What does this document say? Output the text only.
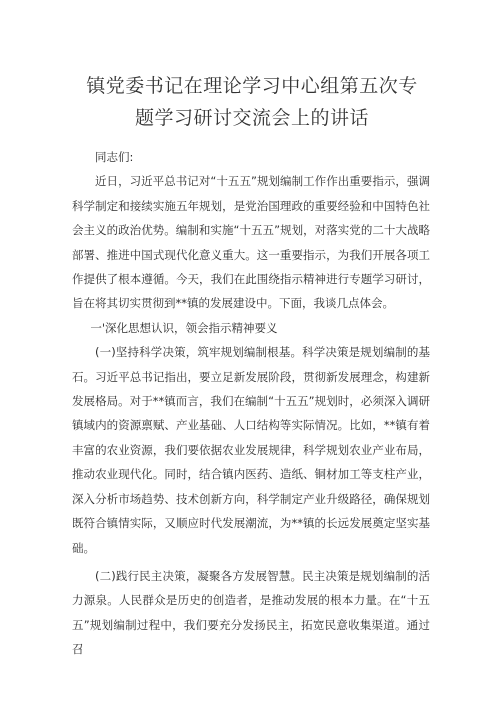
镇党委书记在理论学习中心组第五次专
题学习研讨交流会上的讲话

同志们:

近日，习近平总书记对“十五五”规划编制工作作出重要指示，强调科学制定和接续实施五年规划，是党治国理政的重要经验和中国特色社会主义的政治优势。编制和实施“十五五”规划，对落实党的二十大战略部署、推进中国式现代化意义重大。这一重要指示，为我们开展各项工作提供了根本遵循。今天，我们在此围绕指示精神进行专题学习研讨，旨在将其切实贯彻到**镇的发展建设中。下面，我谈几点体会。

一'深化思想认识，领会指示精神要义

(一)坚持科学决策，筑牢规划编制根基。科学决策是规划编制的基石。习近平总书记指出，要立足新发展阶段，贯彻新发展理念，构建新发展格局。对于**镇而言，我们在编制“十五五”规划时，必须深入调研镇域内的资源禀赋、产业基础、人口结构等实际情况。比如，**镇有着丰富的农业资源，我们要依据农业发展规律，科学规划农业产业布局，推动农业现代化。同时，结合镇内医药、造纸、铜材加工等支柱产业，深入分析市场趋势、技术创新方向，科学制定产业升级路径，确保规划既符合镇情实际，又顺应时代发展潮流，为**镇的长远发展奠定坚实基础。

(二)践行民主决策，凝聚各方发展智慧。民主决策是规划编制的活力源泉。人民群众是历史的创造者，是推动发展的根本力量。在“十五五”规划编制过程中，我们要充分发扬民主，拓宽民意收集渠道。通过召
